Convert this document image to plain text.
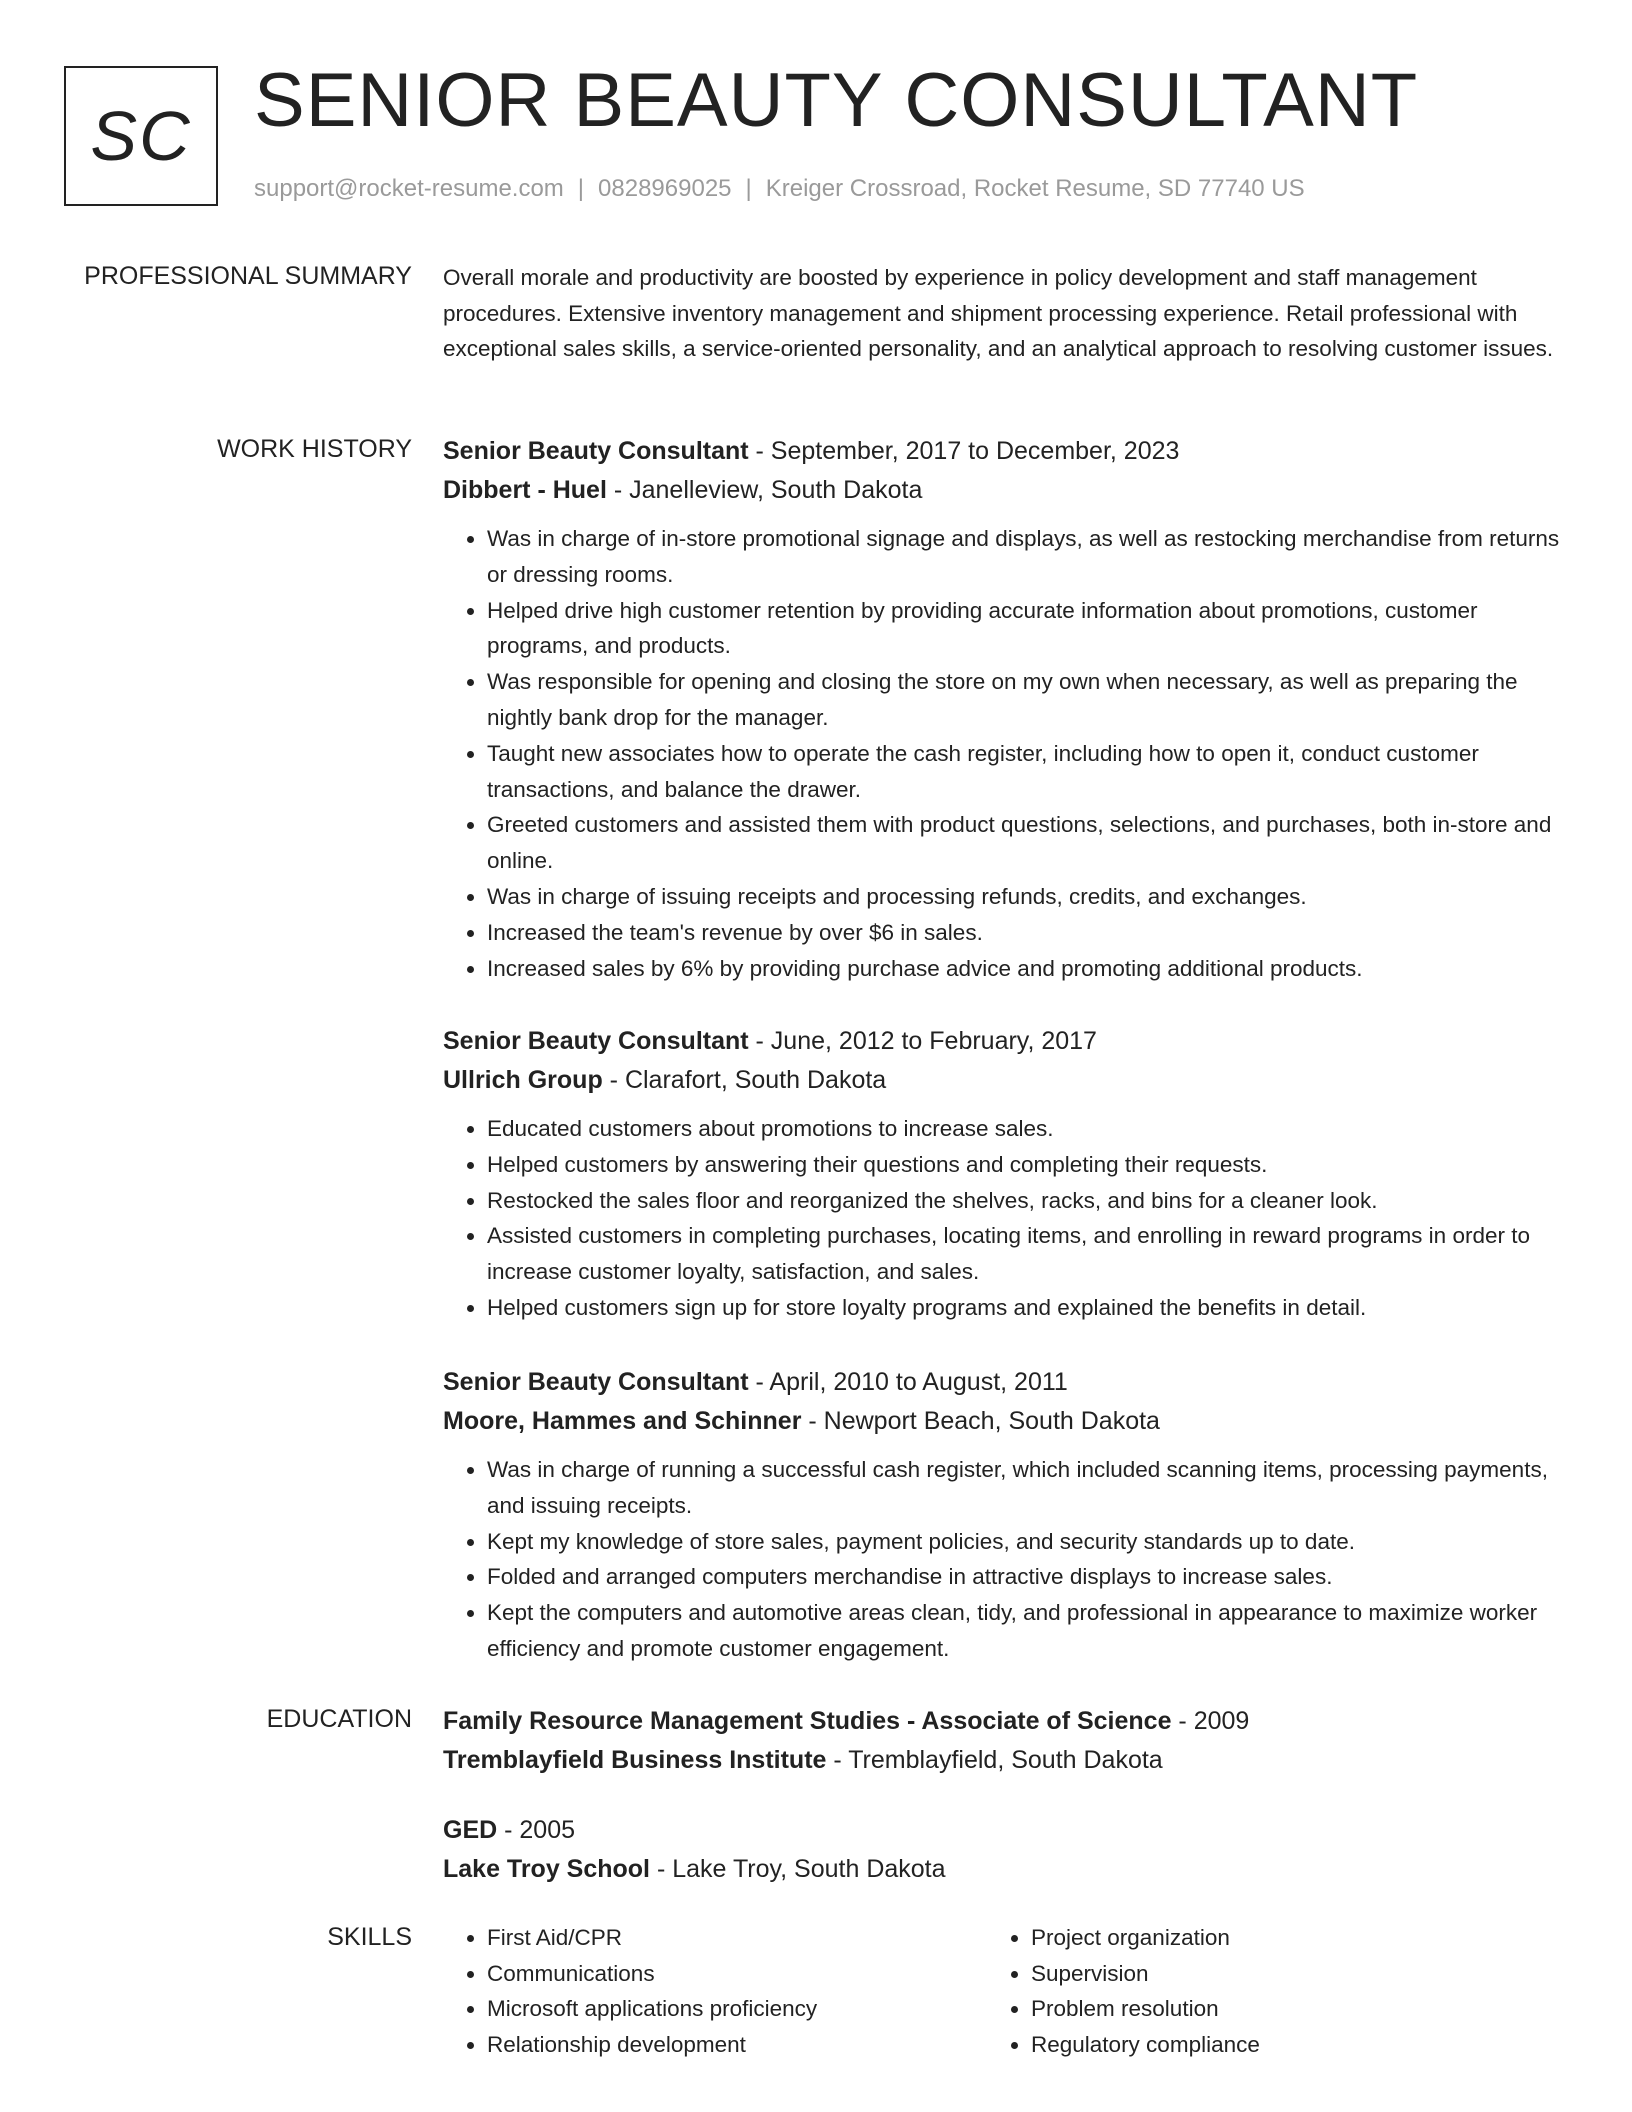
SC SENIOR BEAUTY CONSULTANT
support@rocket-resume.com | 0828969025 | Kreiger Crossroad, Rocket Resume, SD 77740 US
PROFESSIONAL SUMMARY Overall morale and productivity are boosted by experience in policy development and staff management procedures. Extensive inventory management and shipment processing experience. Retail professional with exceptional sales skills, a service-oriented personality, and an analytical approach to resolving customer issues.

WORK HISTORY Senior Beauty Consultant - September, 2017 to December, 2023
Dibbert - Huel - Janelleview, South Dakota
• Was in charge of in-store promotional signage and displays, as well as restocking merchandise from returns or dressing rooms.
• Helped drive high customer retention by providing accurate information about promotions, customer programs, and products.
• Was responsible for opening and closing the store on my own when necessary, as well as preparing the nightly bank drop for the manager.
• Taught new associates how to operate the cash register, including how to open it, conduct customer transactions, and balance the drawer.
• Greeted customers and assisted them with product questions, selections, and purchases, both in-store and online.
• Was in charge of issuing receipts and processing refunds, credits, and exchanges.
• Increased the team's revenue by over $6 in sales.
• Increased sales by 6% by providing purchase advice and promoting additional products.
Senior Beauty Consultant - June, 2012 to February, 2017
Ullrich Group - Clarafort, South Dakota
• Educated customers about promotions to increase sales.
• Helped customers by answering their questions and completing their requests.
• Restocked the sales floor and reorganized the shelves, racks, and bins for a cleaner look.
• Assisted customers in completing purchases, locating items, and enrolling in reward programs in order to increase customer loyalty, satisfaction, and sales.
• Helped customers sign up for store loyalty programs and explained the benefits in detail.
Senior Beauty Consultant - April, 2010 to August, 2011
Moore, Hammes and Schinner - Newport Beach, South Dakota
• Was in charge of running a successful cash register, which included scanning items, processing payments, and issuing receipts.
• Kept my knowledge of store sales, payment policies, and security standards up to date.
• Folded and arranged computers merchandise in attractive displays to increase sales.
• Kept the computers and automotive areas clean, tidy, and professional in appearance to maximize worker efficiency and promote customer engagement.
EDUCATION Family Resource Management Studies - Associate of Science - 2009
Tremblayfield Business Institute - Tremblayfield, South Dakota
GED - 2005
Lake Troy School - Lake Troy, South Dakota
SKILLS
•	First Aid/CPR
• Communications
• Microsoft applications proficiency
• Relationship development
• Project organization
• Supervision
• Problem resolution
• Regulatory compliance
